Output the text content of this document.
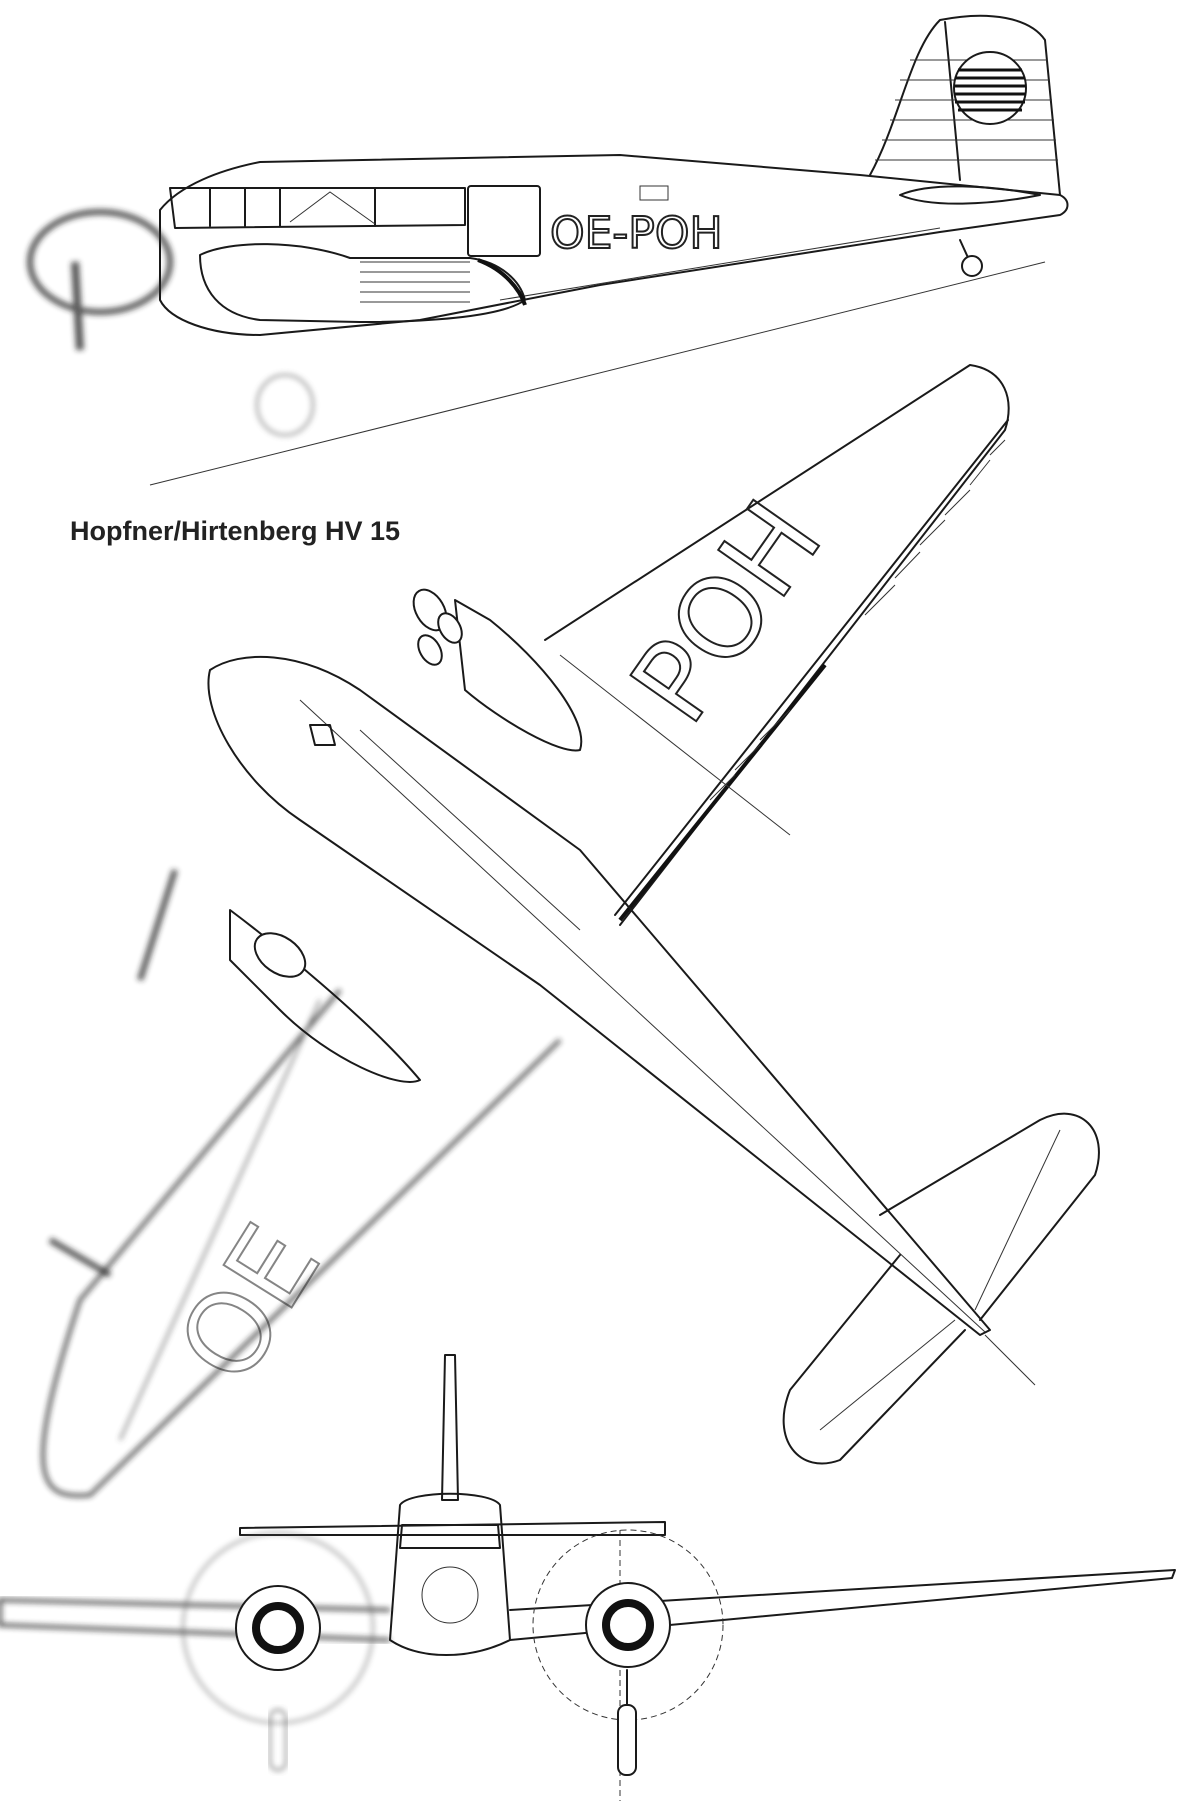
OE-POH
Hopfner/Hirtenberg HV 15 POH
OE
